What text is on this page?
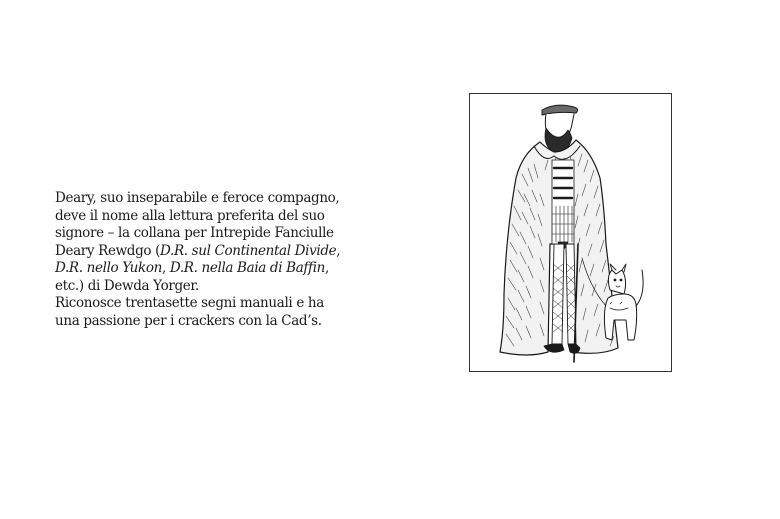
Deary, suo inseparabile e feroce compagno,
deve il nome alla lettura preferita del suo
signore – la collana per Intrepide Fanciulle
Deary Rewdgo (D.R. sul Continental Divide,
D.R. nello Yukon, D.R. nella Baia di Baffin,
etc.) di Dewda Yorger.
Riconosce trentasette segni manuali e ha
una passione per i crackers con la Cad’s.
